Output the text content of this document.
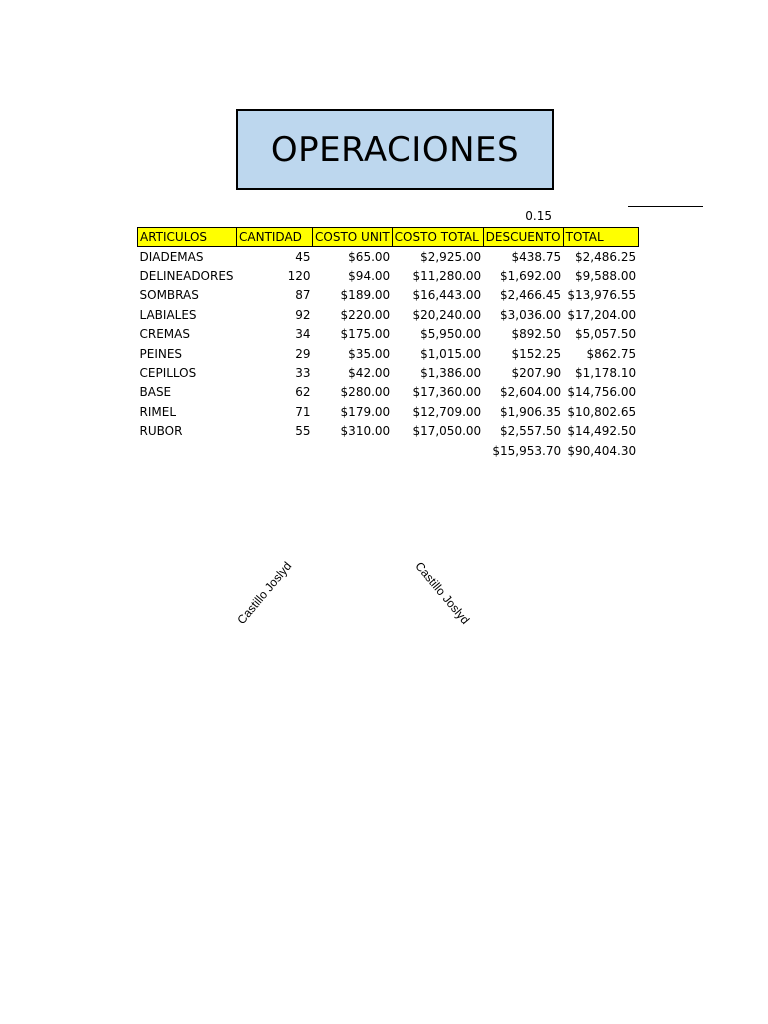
OPERACIONES
0.15
ARTICULOS	CANTIDAD	COSTO UNIT	COSTO TOTAL	DESCUENTO	TOTAL
DIADEMAS	45	$65.00	$2,925.00	$438.75	$2,486.25
DELINEADORES	120	$94.00	$11,280.00	$1,692.00	$9,588.00
SOMBRAS	87	$189.00	$16,443.00	$2,466.45	$13,976.55
LABIALES	92	$220.00	$20,240.00	$3,036.00	$17,204.00
CREMAS	34	$175.00	$5,950.00	$892.50	$5,057.50
PEINES	29	$35.00	$1,015.00	$152.25	$862.75
CEPILLOS	33	$42.00	$1,386.00	$207.90	$1,178.10
BASE	62	$280.00	$17,360.00	$2,604.00	$14,756.00
RIMEL	71	$179.00	$12,709.00	$1,906.35	$10,802.65
RUBOR	55	$310.00	$17,050.00	$2,557.50	$14,492.50
				$15,953.70	$90,404.30
Castillo Joslyd	Castillo Joslyd
